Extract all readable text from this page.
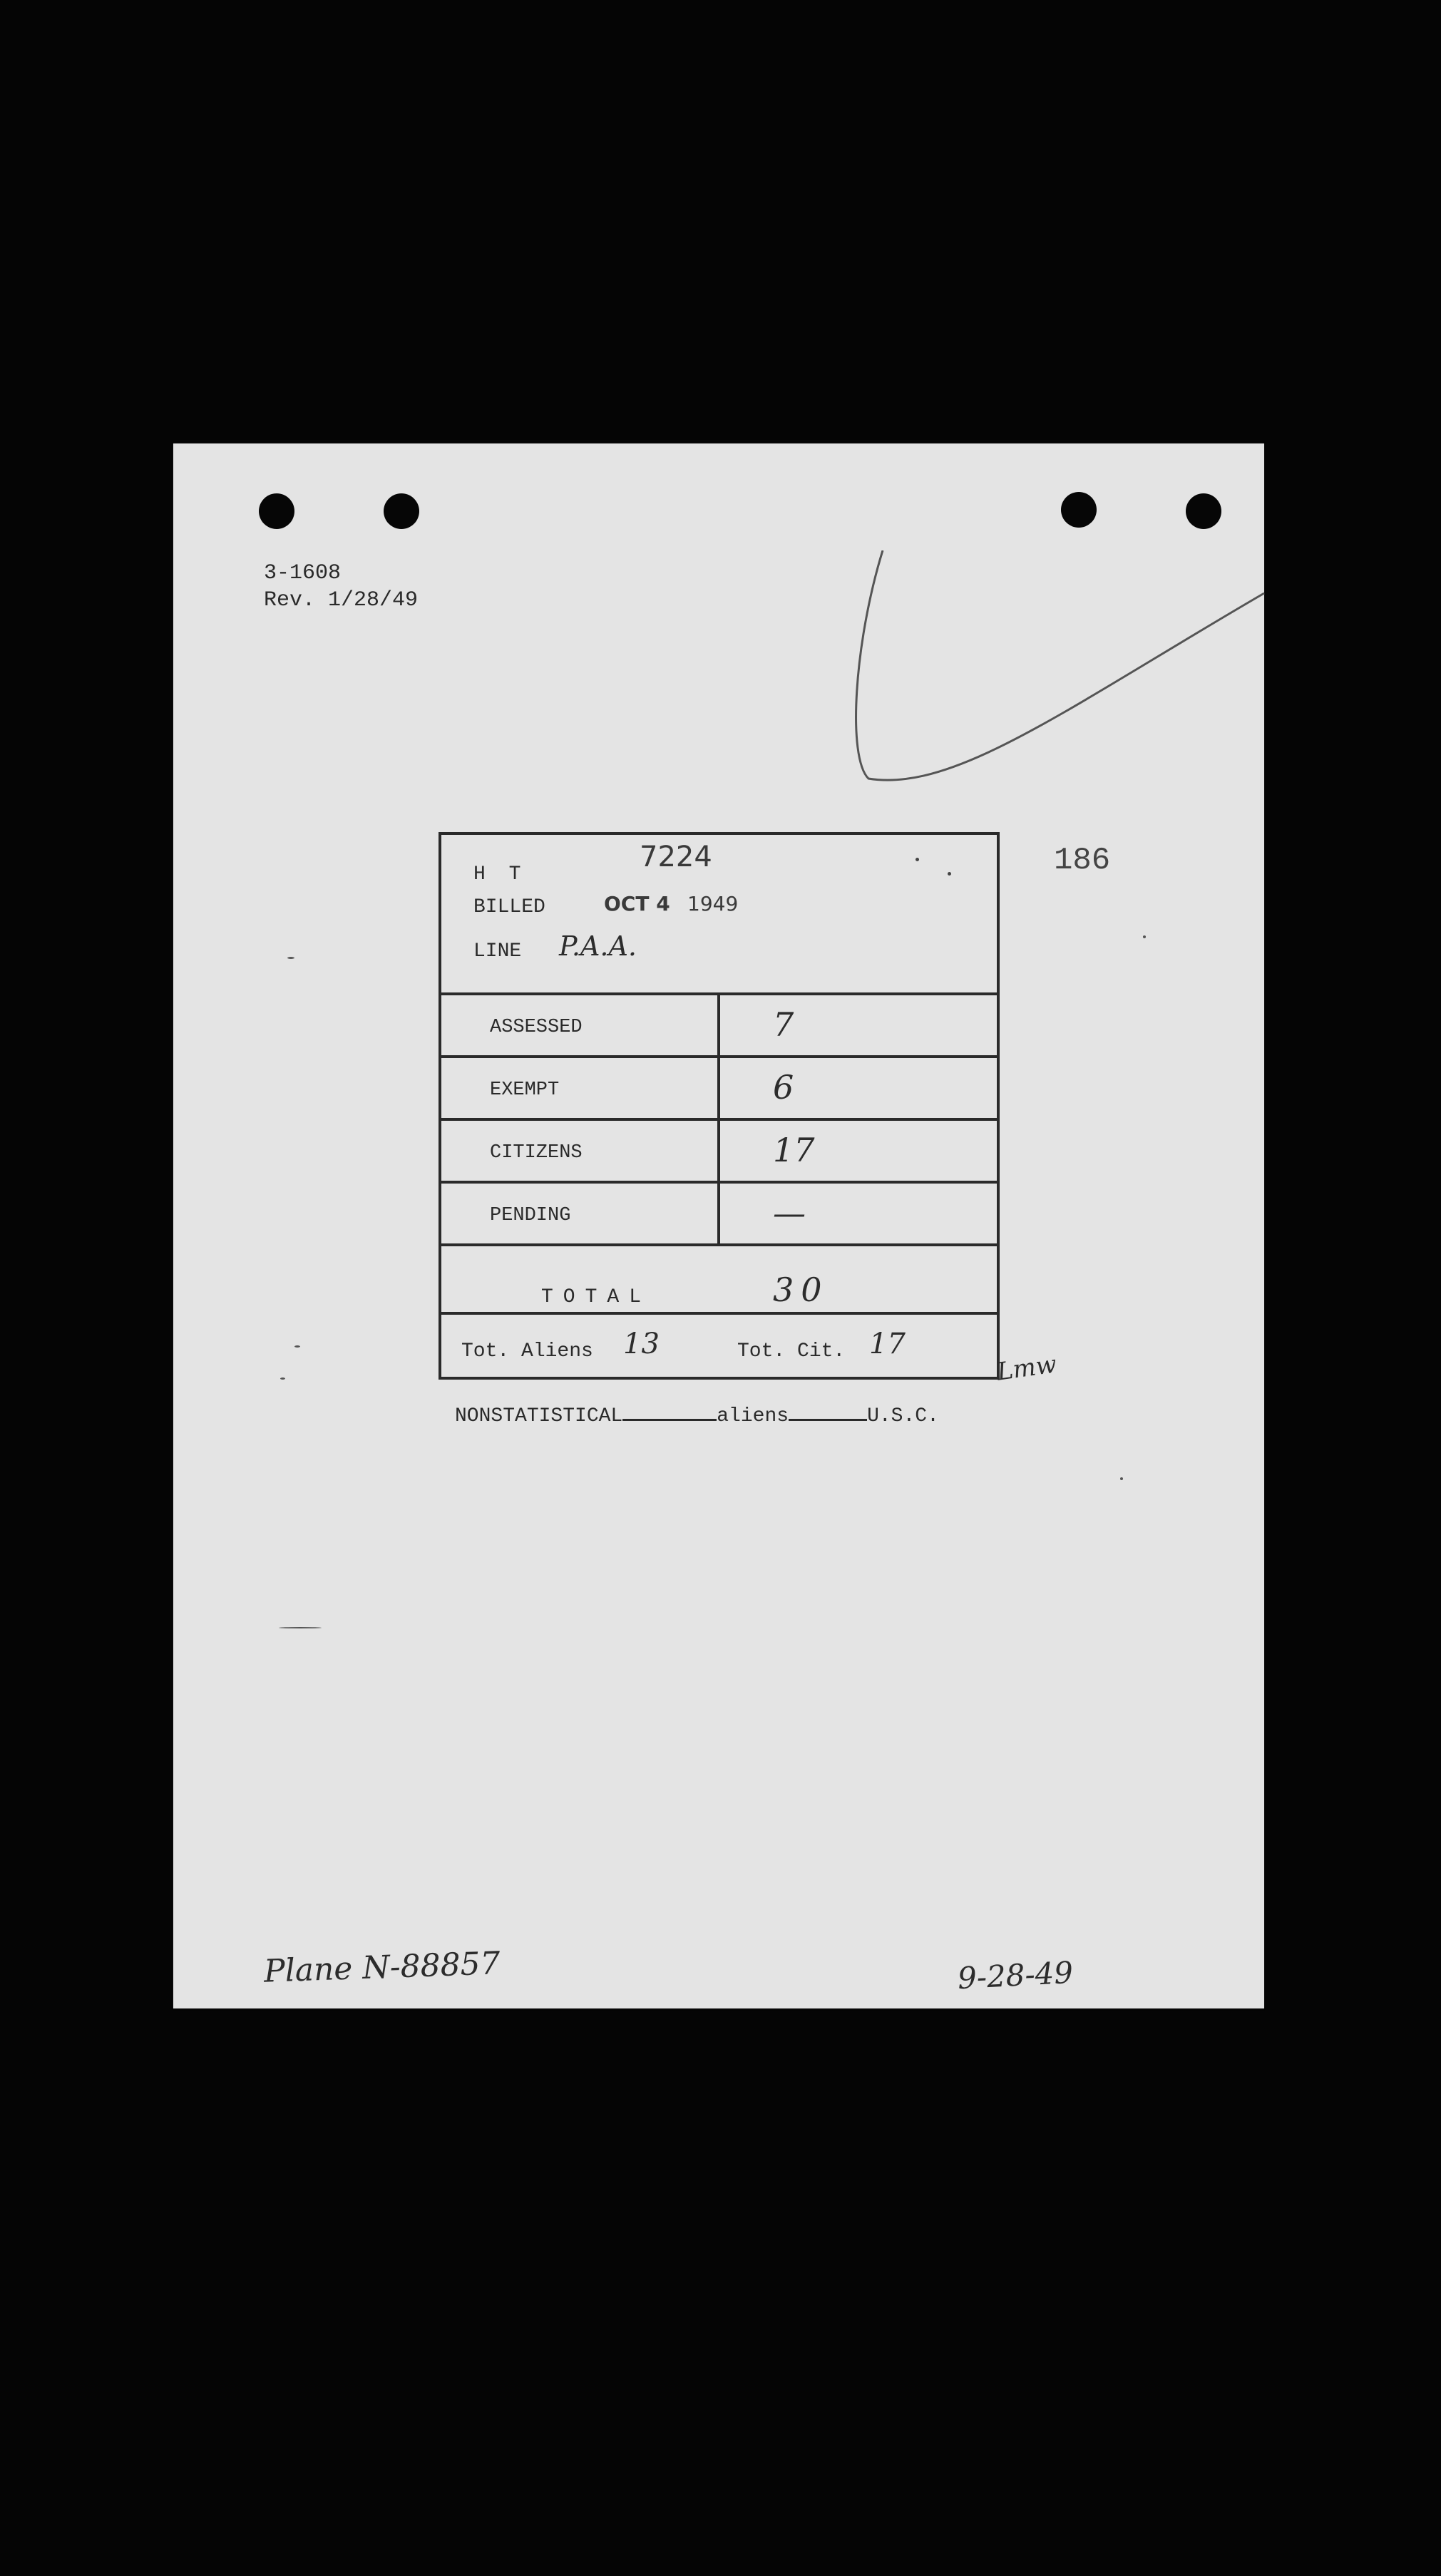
3-1608
Rev. 1/28/49
186
H T
7224
BILLED	OCT 4 1949
LINE P.A.A.
ASSESSED	7
EXEMPT	6
CITIZENS	17
PENDING	—
TOTAL	30
Tot. Aliens 13	Tot. Cit. 17
Lmw
NONSTATISTICAL	aliens	U.S.C.
Plane N-88857	9-28-49
